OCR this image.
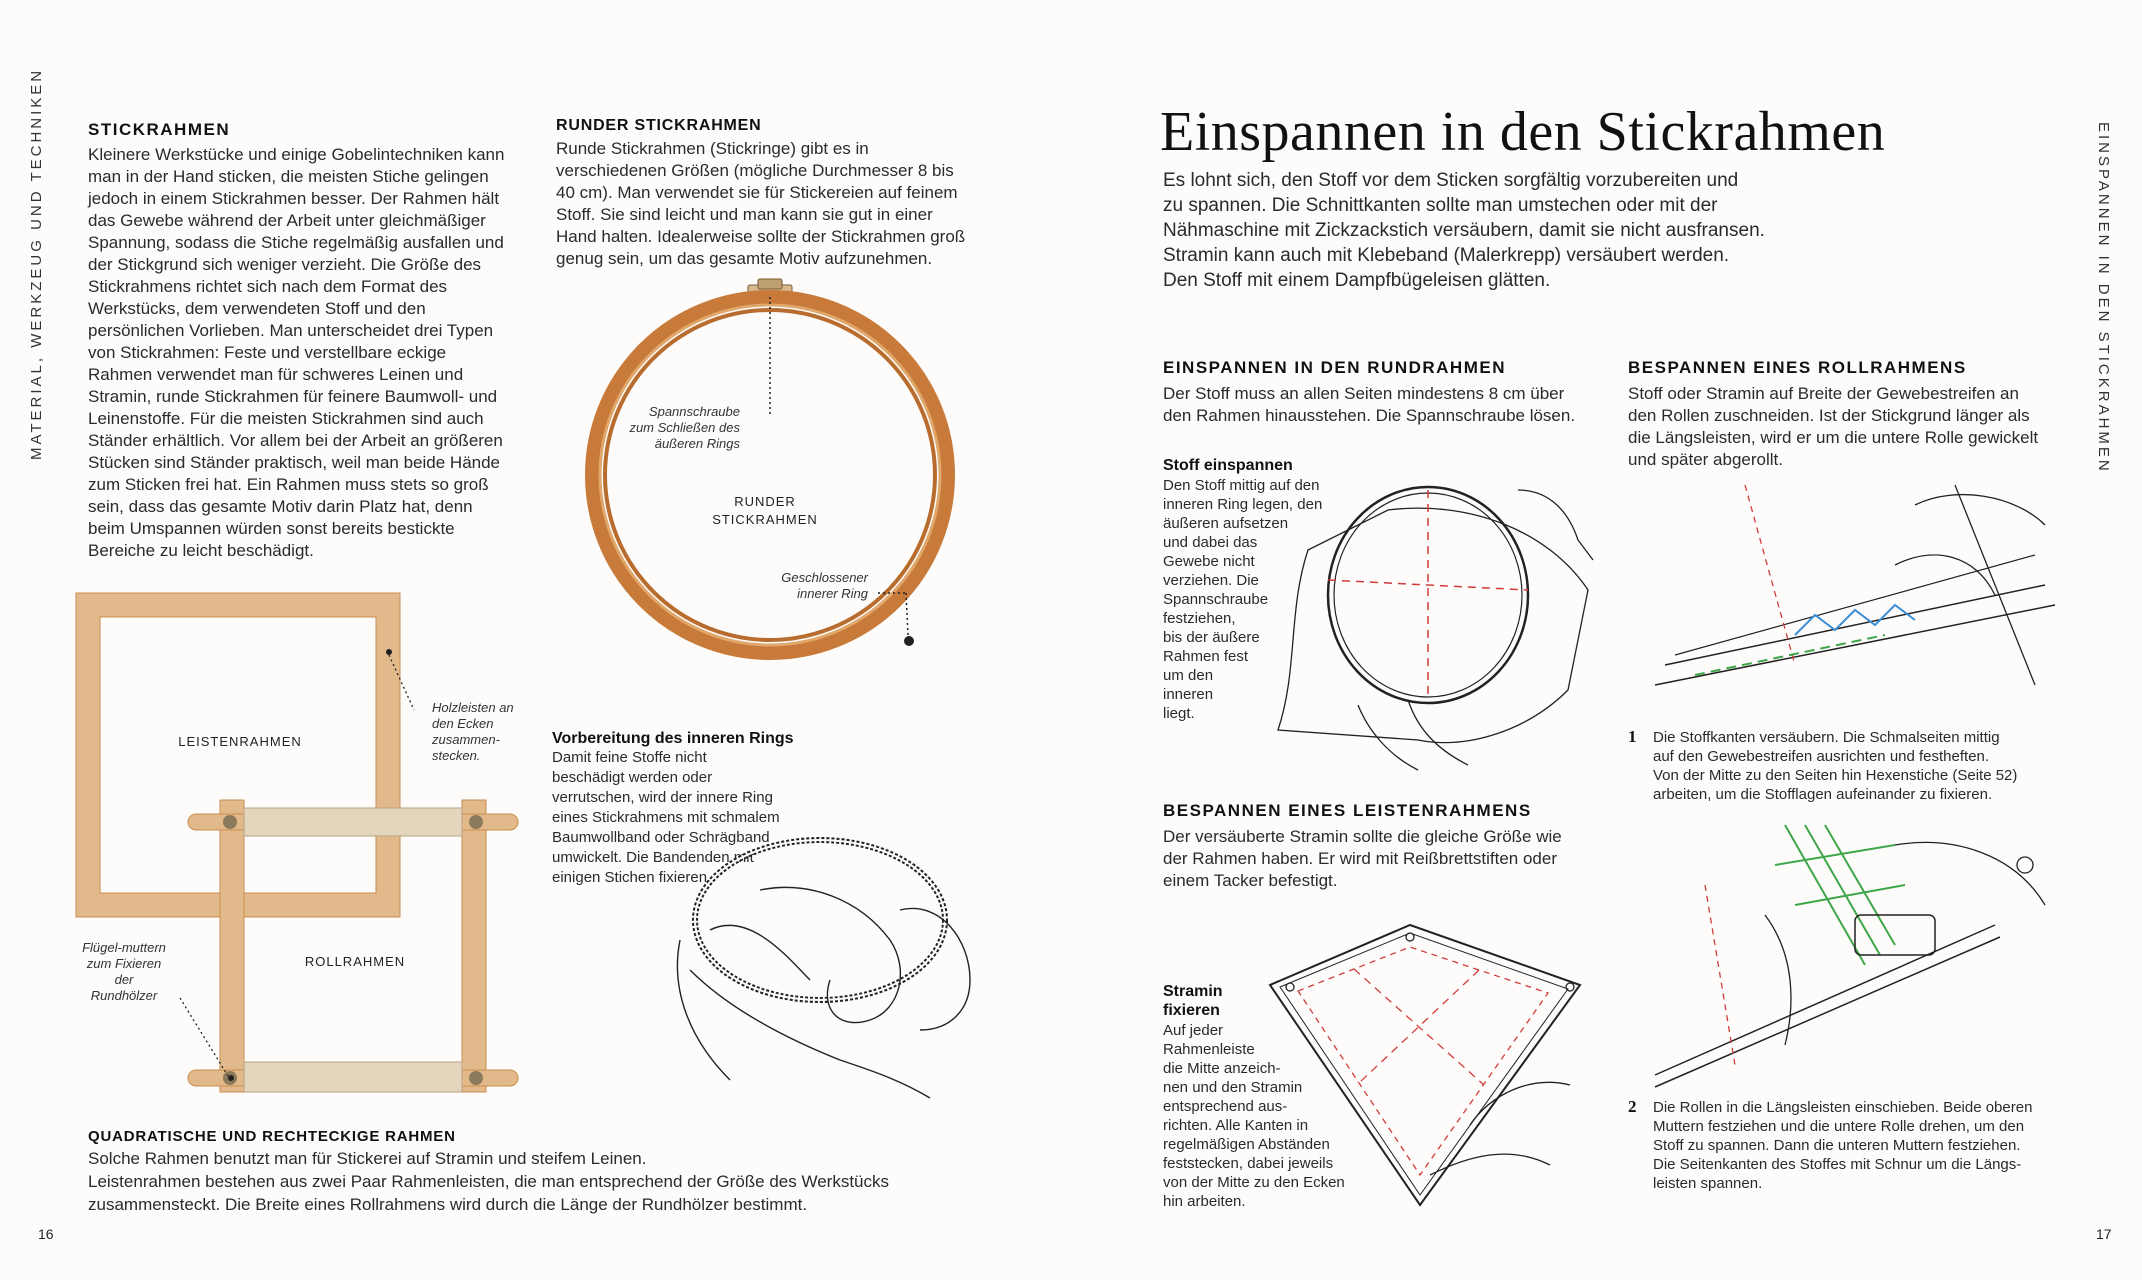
MATERIAL, WERKZEUG UND TECHNIKEN	STICKRAHMEN
Kleinere Werkstücke und einige Gobelintechniken kann man in der Hand sticken, die meisten Stiche gelingen jedoch in einem Stickrahmen besser. Der Rahmen hält das Gewebe während der Arbeit unter gleichmäßiger Spannung, sodass die Stiche regelmäßig ausfallen und der Stickgrund sich weniger verzieht. Die Größe des Stickrahmens richtet sich nach dem Format des Werkstücks, dem verwendeten Stoff und den persönlichen Vorlieben. Man unterscheidet drei Typen von Stickrahmen: Feste und verstellbare eckige Rahmen verwendet man für schweres Leinen und Stramin, runde Stickrahmen für feinere Baumwoll- und Leinenstoffe. Für die meisten Stickrahmen sind auch Ständer erhältlich. Vor allem bei der Arbeit an größeren Stücken sind Ständer praktisch, weil man beide Hände zum Sticken frei hat. Ein Rahmen muss stets so groß sein, dass das gesamte Motiv darin Platz hat, denn beim Umspannen würden sonst bereits bestickte Bereiche zu leicht beschädigt.
RUNDER STICKRAHMEN
Runde Stickrahmen (Stickringe) gibt es in verschiedenen Größen (mögliche Durchmesser 8 bis 40 cm). Man verwendet sie für Stickereien auf feinem Stoff. Sie sind leicht und man kann sie gut in einer Hand halten. Idealerweise sollte der Stickrahmen groß genug sein, um das gesamte Motiv aufzunehmen.
Spannschraube zum Schließen des äußeren Rings
RUNDER
STICKRAHMEN
Geschlossener innerer Ring
LEISTENRAHMEN
ROLLRAHMEN
Holzleisten an den Ecken zusammen-stecken.
Flügel-muttern zum Fixieren der Rundhölzer
Vorbereitung des inneren Rings
Damit feine Stoffe nicht beschädigt werden oder verrutschen, wird der innere Ring eines Stickrahmens mit schmalem Baumwollband oder Schrägband umwickelt. Die Bandenden mit einigen Stichen fixieren.
QUADRATISCHE UND RECHTECKIGE RAHMEN
Solche Rahmen benutzt man für Stickerei auf Stramin und steifem Leinen.
Leistenrahmen bestehen aus zwei Paar Rahmenleisten, die man entsprechend der Größe des Werkstücks
zusammensteckt. Die Breite eines Rollrahmens wird durch die Länge der Rundhölzer bestimmt.
16
Einspannen in den Stickrahmen
Es lohnt sich, den Stoff vor dem Sticken sorgfältig vorzubereiten und
zu spannen. Die Schnittkanten sollte man umstechen oder mit der
Nähmaschine mit Zickzackstich versäubern, damit sie nicht ausfransen.
Stramin kann auch mit Klebeband (Malerkrepp) versäubert werden.
Den Stoff mit einem Dampfbügeleisen glätten.	EINSPANNEN IN DEN STICKRAHMEN
EINSPANNEN IN DEN RUNDRAHMEN
Der Stoff muss an allen Seiten mindestens 8 cm über
den Rahmen hinausstehen. Die Spannschraube lösen.
Stoff einspannen
Den Stoff mittig auf den
inneren Ring legen, den
äußeren aufsetzen
und dabei das
Gewebe nicht
verziehen. Die
Spannschraube
festziehen,
bis der äußere
Rahmen fest
um den
inneren
liegt.
BESPANNEN EINES LEISTENRAHMENS
Der versäuberte Stramin sollte die gleiche Größe wie
der Rahmen haben. Er wird mit Reißbrettstiften oder
einem Tacker befestigt.
Stramin
fixieren
Auf jeder
Rahmenleiste
die Mitte anzeich-
nen und den Stramin
entsprechend aus-
richten. Alle Kanten in
regelmäßigen Abständen
feststecken, dabei jeweils
von der Mitte zu den Ecken
hin arbeiten.
BESPANNEN EINES ROLLRAHMENS
Stoff oder Stramin auf Breite der Gewebestreifen an
den Rollen zuschneiden. Ist der Stickgrund länger als
die Längsleisten, wird er um die untere Rolle gewickelt
und später abgerollt.
1 Die Stoffkanten versäubern. Die Schmalseiten mittig
auf den Gewebestreifen ausrichten und festheften.
Von der Mitte zu den Seiten hin Hexenstiche (Seite 52)
arbeiten, um die Stofflagen aufeinander zu fixieren.
2 Die Rollen in die Längsleisten einschieben. Beide oberen
Muttern festziehen und die untere Rolle drehen, um den
Stoff zu spannen. Dann die unteren Muttern festziehen.
Die Seitenkanten des Stoffes mit Schnur um die Längs-
leisten spannen.
17
